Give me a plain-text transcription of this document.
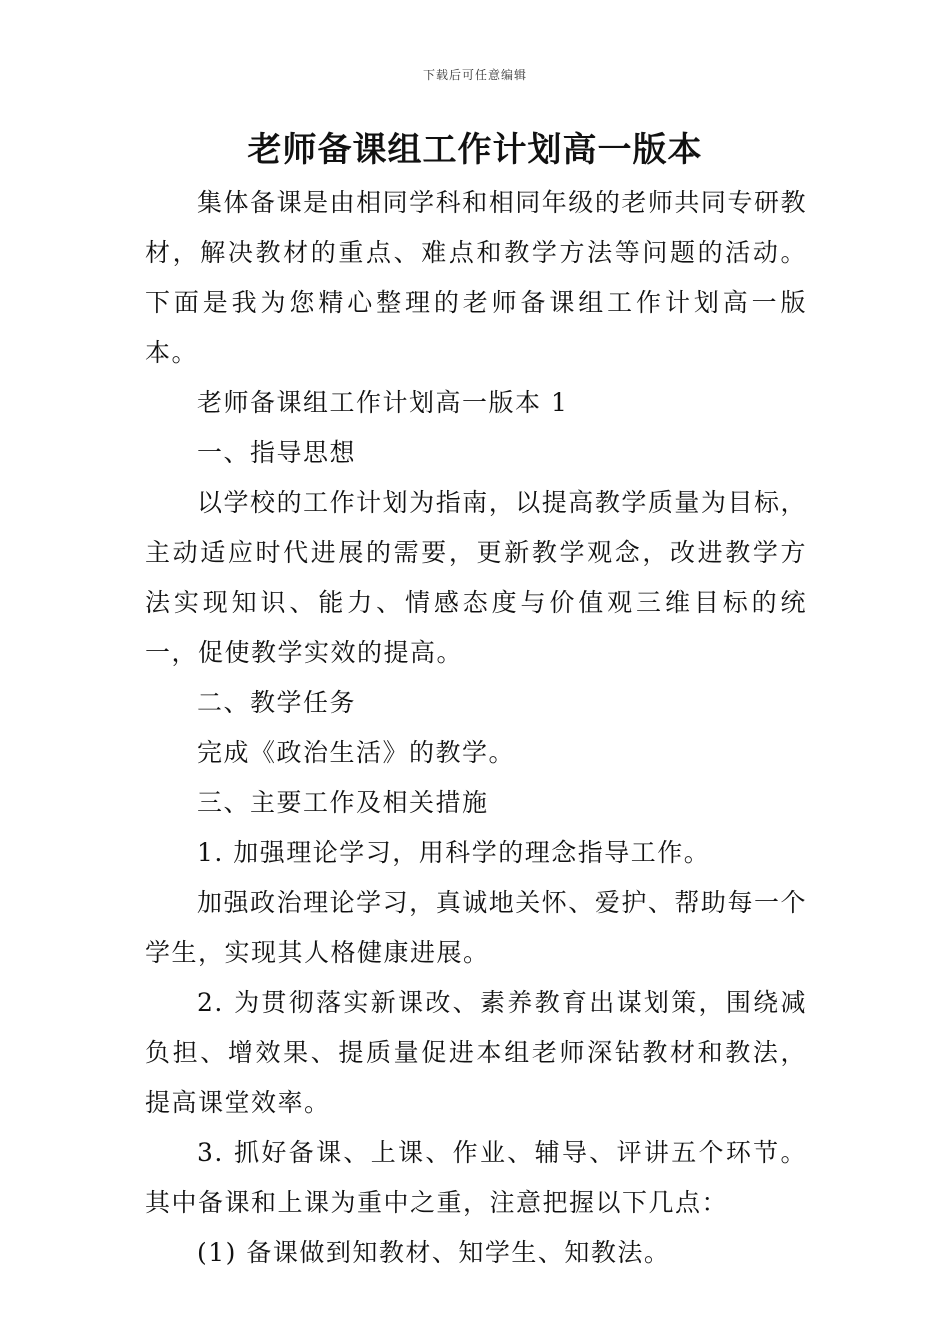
下载后可任意编辑
老师备课组工作计划高一版本

集体备课是由相同学科和相同年级的老师共同专研教材，解决教材的重点、难点和教学方法等问题的活动。下面是我为您精心整理的老师备课组工作计划高一版本。

老师备课组工作计划高一版本 1

一、指导思想

以学校的工作计划为指南，以提高教学质量为目标，主动适应时代进展的需要，更新教学观念，改进教学方法实现知识、能力、情感态度与价值观三维目标的统一，促使教学实效的提高。

二、教学任务

完成《政治生活》的教学。

三、主要工作及相关措施

1. 加强理论学习，用科学的理念指导工作。

加强政治理论学习，真诚地关怀、爱护、帮助每一个学生，实现其人格健康进展。

2. 为贯彻落实新课改、素养教育出谋划策，围绕减负担、增效果、提质量促进本组老师深钻教材和教法，提高课堂效率。

3. 抓好备课、上课、作业、辅导、评讲五个环节。其中备课和上课为重中之重，注意把握以下几点：

(1) 备课做到知教材、知学生、知教法。
